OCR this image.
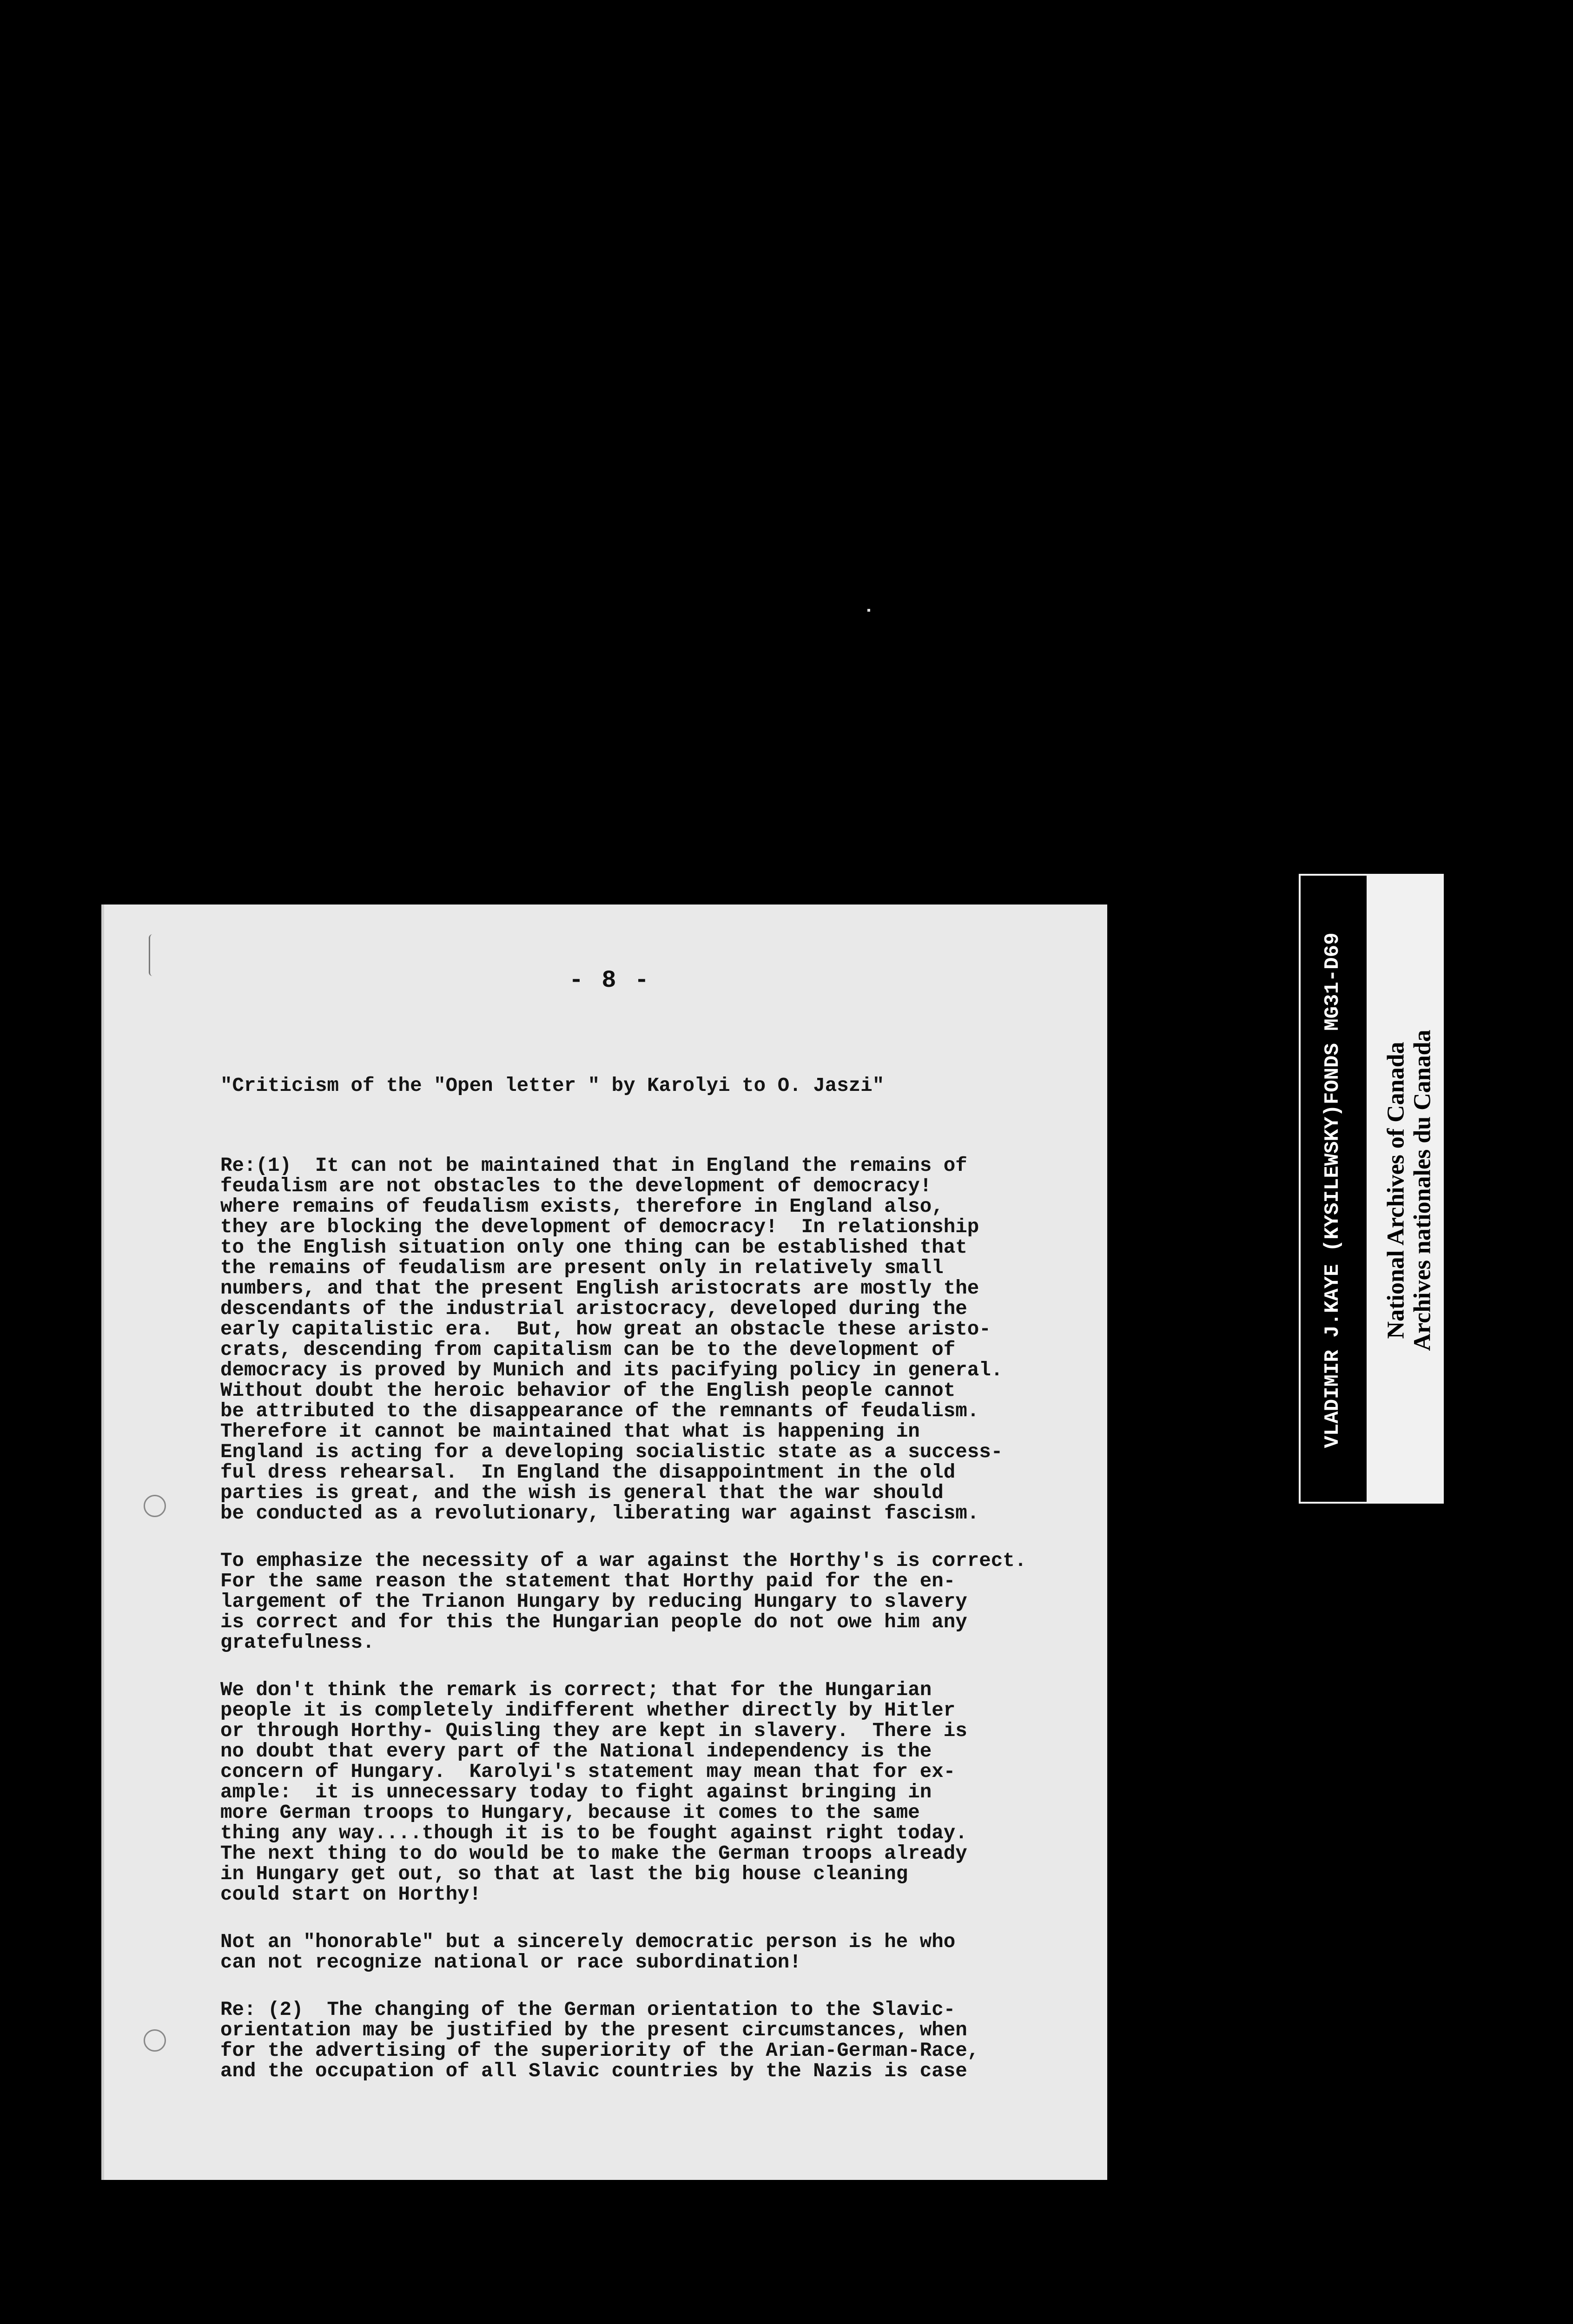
- 8 -

"Criticism of the "Open letter " by Karolyi to O. Jaszi"

Re:(1)  It can not be maintained that in England the remains of
feudalism are not obstacles to the development of democracy!
where remains of feudalism exists, therefore in England also,
they are blocking the development of democracy!  In relationship
to the English situation only one thing can be established that
the remains of feudalism are present only in relatively small
numbers, and that the present English aristocrats are mostly the
descendants of the industrial aristocracy, developed during the
early capitalistic era.  But, how great an obstacle these aristo-
crats, descending from capitalism can be to the development of
democracy is proved by Munich and its pacifying policy in general.
Without doubt the heroic behavior of the English people cannot
be attributed to the disappearance of the remnants of feudalism.
Therefore it cannot be maintained that what is happening in
England is acting for a developing socialistic state as a success-
ful dress rehearsal.  In England the disappointment in the old
parties is great, and the wish is general that the war should
be conducted as a revolutionary, liberating war against fascism.
To emphasize the necessity of a war against the Horthy's is correct.
For the same reason the statement that Horthy paid for the en-
largement of the Trianon Hungary by reducing Hungary to slavery
is correct and for this the Hungarian people do not owe him any
gratefulness.
We don't think the remark is correct; that for the Hungarian
people it is completely indifferent whether directly by Hitler
or through Horthy- Quisling they are kept in slavery.  There is
no doubt that every part of the National independency is the
concern of Hungary.  Karolyi's statement may mean that for ex-
ample:  it is unnecessary today to fight against bringing in
more German troops to Hungary, because it comes to the same
thing any way....though it is to be fought against right today.
The next thing to do would be to make the German troops already
in Hungary get out, so that at last the big house cleaning
could start on Horthy!
Not an "honorable" but a sincerely democratic person is he who
can not recognize national or race subordination!
Re: (2)  The changing of the German orientation to the Slavic-
orientation may be justified by the present circumstances, when
for the advertising of the superiority of the Arian-German-Race,
and the occupation of all Slavic countries by the Nazis is case
VLADIMIR J.KAYE (KYSILEWSKY)FONDS MG31-D69 National Archives of Canada Archives nationales du Canada
